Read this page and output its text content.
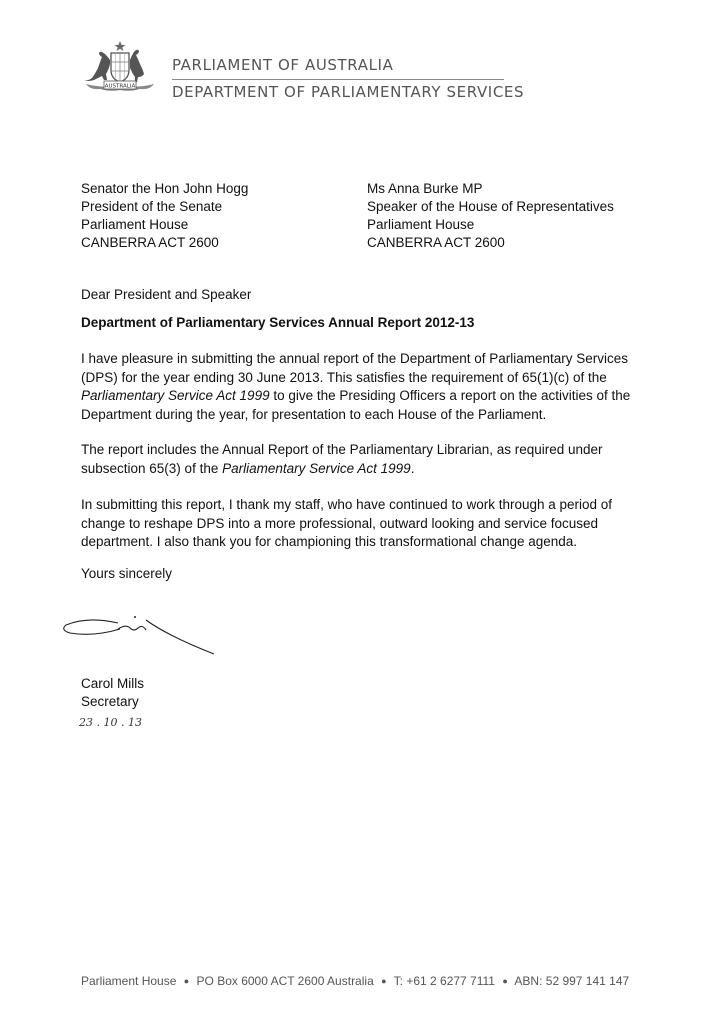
AUSTRALIA
PARLIAMENT OF AUSTRALIA
DEPARTMENT OF PARLIAMENTARY SERVICES
Senator the Hon John Hogg
President of the Senate
Parliament House
CANBERRA ACT 2600
Ms Anna Burke MP
Speaker of the House of Representatives
Parliament House
CANBERRA ACT 2600
Dear President and Speaker
Department of Parliamentary Services Annual Report 2012-13

I have pleasure in submitting the annual report of the Department of Parliamentary Services (DPS) for the year ending 30 June 2013. This satisfies the requirement of 65(1)(c) of the Parliamentary Service Act 1999 to give the Presiding Officers a report on the activities of the Department during the year, for presentation to each House of the Parliament.

The report includes the Annual Report of the Parliamentary Librarian, as required under subsection 65(3) of the Parliamentary Service Act 1999.

In submitting this report, I thank my staff, who have continued to work through a period of change to reshape DPS into a more professional, outward looking and service focused department. I also thank you for championing this transformational change agenda.

Yours sincerely
Carol Mills
Secretary
23 . 10 . 13
Parliament House ● PO Box 6000 ACT 2600 Australia ● T: +61 2 6277 7111 ● ABN: 52 997 141 147
